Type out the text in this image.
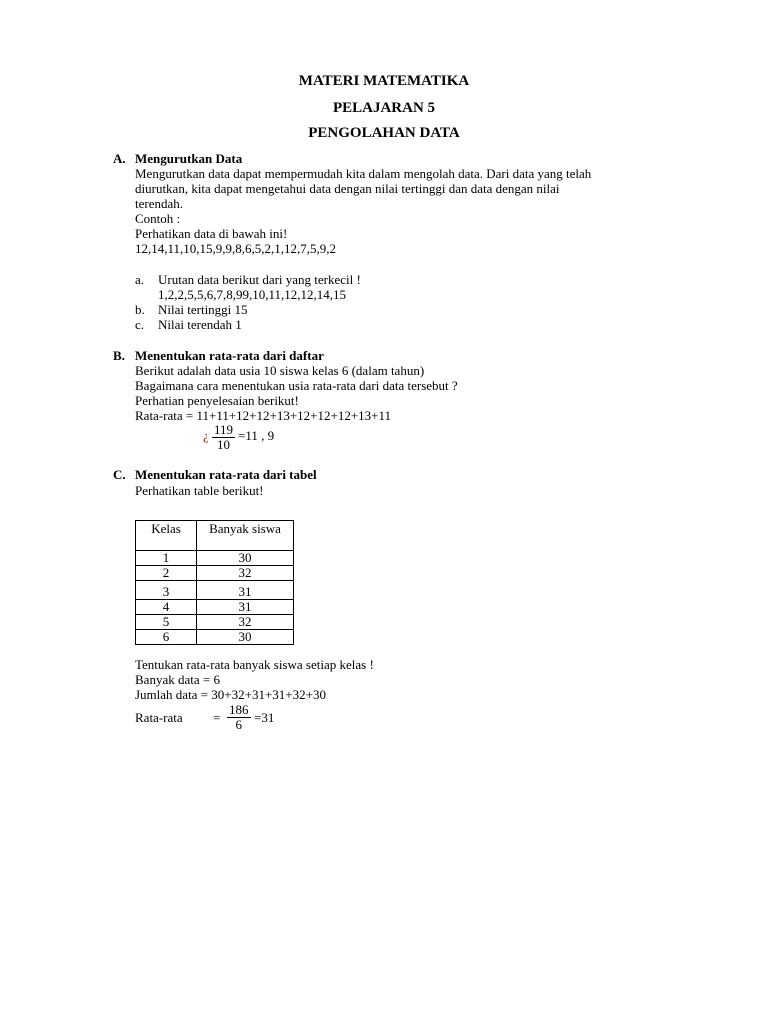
MATERI MATEMATIKA
PELAJARAN 5
PENGOLAHAN DATA
A. Mengurutkan Data
Mengurutkan data dapat mempermudah kita dalam mengolah data. Dari data yang telah
diurutkan, kita dapat mengetahui data dengan nilai tertinggi dan data dengan nilai
terendah.
Contoh :
Perhatikan data di bawah ini!
12,14,11,10,15,9,9,8,6,5,2,1,12,7,5,9,2
a. Urutan data berikut dari yang terkecil !
1,2,2,5,5,6,7,8,99,10,11,12,12,14,15
b. Nilai tertinggi 15
c. Nilai terendah 1
B. Menentukan rata-rata dari daftar
Berikut adalah data usia 10 siswa kelas 6 (dalam tahun)
Bagaimana cara menentukan usia rata-rata dari data tersebut ?
Perhatian penyelesaian berikut!
Rata-rata = 11+11+12+12+13+12+12+12+13+11
¿ $\frac{119}{10} =11$ , 9
C. Menentukan rata-rata dari tabel
Perhatikan table berikut!
Kelas	Banyak siswa
1	30
2	32
3	31
4	31
5	32
6	30
Tentukan rata-rata banyak siswa setiap kelas !
Banyak data = 6
Jumlah data = 30+32+31+31+32+30
Rata-rata = $\frac{186}{6} =31$
